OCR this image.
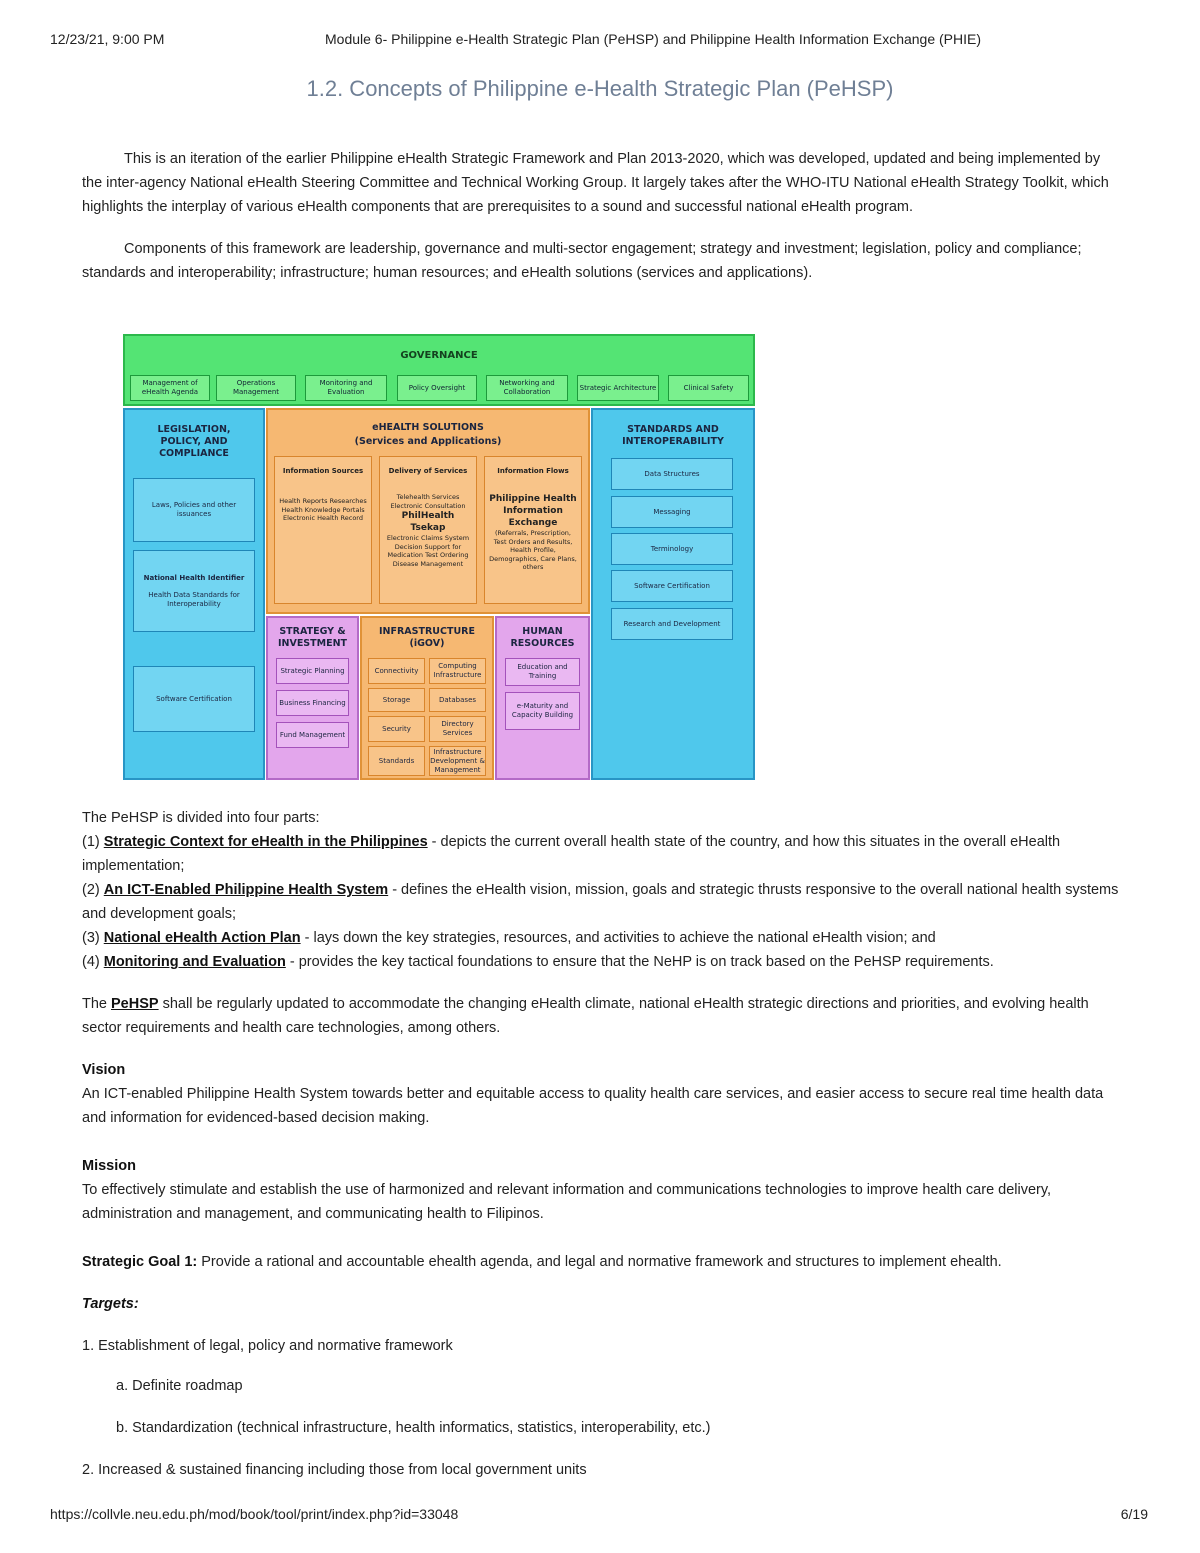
12/23/21, 9:00 PM	Module 6- Philippine e-Health Strategic Plan (PeHSP) and Philippine Health Information Exchange (PHIE)
1.2. Concepts of Philippine e-Health Strategic Plan (PeHSP)

This is an iteration of the earlier Philippine eHealth Strategic Framework and Plan 2013-2020, which was developed, updated and being implemented by the inter-agency National eHealth Steering Committee and Technical Working Group. It largely takes after the WHO-ITU National eHealth Strategy Toolkit, which highlights the interplay of various eHealth components that are prerequisites to a sound and successful national eHealth program.

Components of this framework are leadership, governance and multi-sector engagement; strategy and investment; legislation, policy and compliance; standards and interoperability; infrastructure; human resources; and eHealth solutions (services and applications).

GOVERNANCE
Management of eHealth Agenda
Operations Management
Monitoring and Evaluation
Policy Oversight
Networking and Collaboration
Strategic Architecture	Clinical Safety
LEGISLATION, POLICY, AND COMPLIANCE
Laws, Policies and other issuances
National Health Identifier
Health Data Standards for Interoperability
Software Certification
eHEALTH SOLUTIONS
(Services and Applications)
Information Sources
Health Reports Researches Health Knowledge Portals Electronic Health Record
Delivery of Services
Telehealth Services Electronic Consultation
PhilHealth Tsekap
Electronic Claims System Decision Support for Medication Test Ordering Disease Management
Information Flows
Philippine Health Information Exchange
(Referrals, Prescription, Test Orders and Results, Health Profile, Demographics, Care Plans, others
STANDARDS AND INTEROPERABILITY
Data Structures
Messaging
Terminology
Software Certification
Research and Development
STRATEGY & INVESTMENT
Strategic Planning
Business Financing
Fund Management
INFRASTRUCTURE (iGOV)
Connectivity
Computing Infrastructure
Storage	Databases
Security
Directory Services
Standards
Infrastructure Development & Management
HUMAN RESOURCES
Education and Training
e-Maturity and Capacity Building

The PeHSP is divided into four parts:

(1) Strategic Context for eHealth in the Philippines - depicts the current overall health state of the country, and how this situates in the overall eHealth implementation;

(2) An ICT-Enabled Philippine Health System - defines the eHealth vision, mission, goals and strategic thrusts responsive to the overall national health systems and development goals;

(3) National eHealth Action Plan - lays down the key strategies, resources, and activities to achieve the national eHealth vision; and

(4) Monitoring and Evaluation - provides the key tactical foundations to ensure that the NeHP is on track based on the PeHSP requirements.

The PeHSP shall be regularly updated to accommodate the changing eHealth climate, national eHealth strategic directions and priorities, and evolving health sector requirements and health care technologies, among others.

Vision

An ICT-enabled Philippine Health System towards better and equitable access to quality health care services, and easier access to secure real time health data and information for evidenced-based decision making.

Mission

To effectively stimulate and establish the use of harmonized and relevant information and communications technologies to improve health care delivery, administration and management, and communicating health to Filipinos.

Strategic Goal 1: Provide a rational and accountable ehealth agenda, and legal and normative framework and structures to implement ehealth.

Targets:

1. Establishment of legal, policy and normative framework

a. Definite roadmap

b. Standardization (technical infrastructure, health informatics, statistics, interoperability, etc.)

2. Increased & sustained financing including those from local government units

https://collvle.neu.edu.ph/mod/book/tool/print/index.php?id=33048	6/19
